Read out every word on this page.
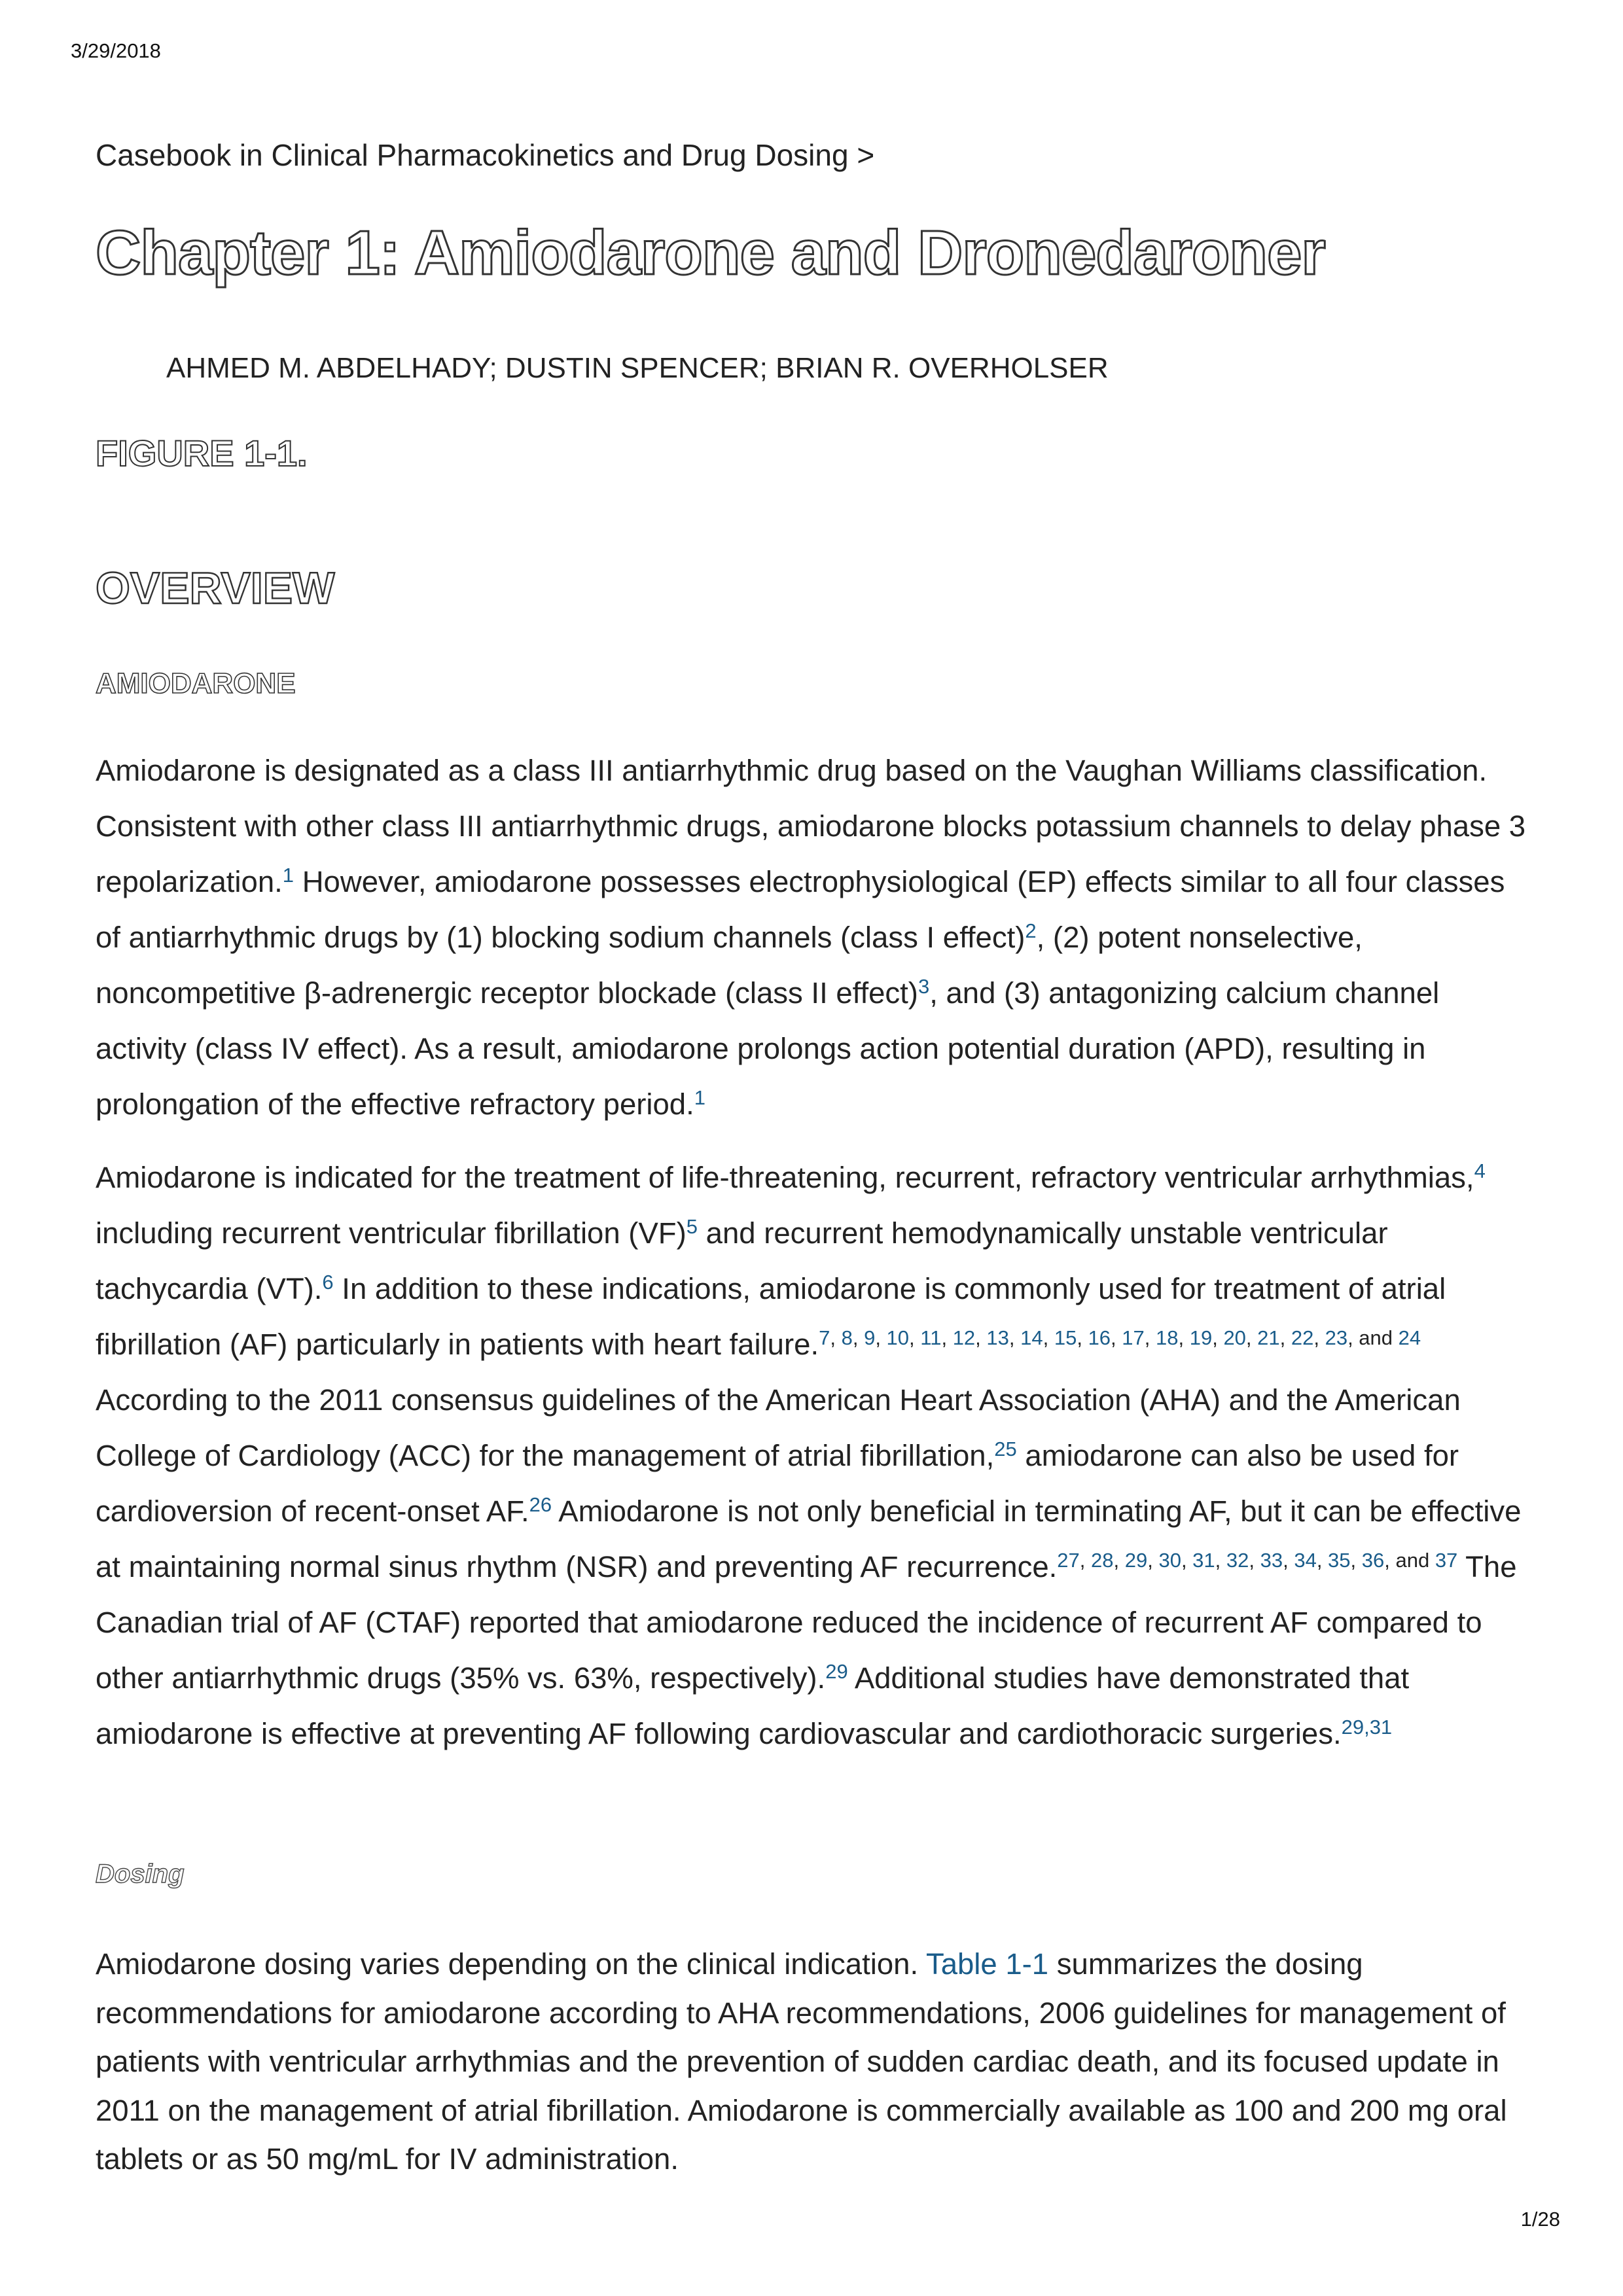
3/29/2018
Casebook in Clinical Pharmacokinetics and Drug Dosing >
Chapter 1: Amiodarone and Dronedaroner
AHMED M. ABDELHADY; DUSTIN SPENCER; BRIAN R. OVERHOLSER
FIGURE 1-1.
OVERVIEW
AMIODARONE

Amiodarone is designated as a class III antiarrhythmic drug based on the Vaughan Williams classification. Consistent with other class III antiarrhythmic drugs, amiodarone blocks potassium channels to delay phase 3 repolarization.$^1$ However, amiodarone possesses electrophysiological (EP) effects similar to all four classes of antiarrhythmic drugs by (1) blocking sodium channels (class I effect)$^2$, (2) potent nonselective, noncompetitive β-adrenergic receptor blockade (class II effect)$^3$, and (3) antagonizing calcium channel activity (class IV effect). As a result, amiodarone prolongs action potential duration (APD), resulting in prolongation of the effective refractory period.$^1$

Amiodarone is indicated for the treatment of life-threatening, recurrent, refractory ventricular arrhythmias,$^4$ including recurrent ventricular fibrillation (VF)$^5$ and recurrent hemodynamically unstable ventricular tachycardia (VT).$^6$ In addition to these indications, amiodarone is commonly used for treatment of atrial fibrillation (AF) particularly in patients with heart failure.$^{7, 8, 9, 10, 11, 12, 13, 14, 15, 16, 17, 18, 19, 20, 21, 22, 23, and 24}$ According to the 2011 consensus guidelines of the American Heart Association (AHA) and the American College of Cardiology (ACC) for the management of atrial fibrillation,$^{25}$ amiodarone can also be used for cardioversion of recent-onset AF.$^{26}$ Amiodarone is not only beneficial in terminating AF, but it can be effective at maintaining normal sinus rhythm (NSR) and preventing AF recurrence.$^{27, 28, 29, 30, 31, 32, 33, 34, 35, 36, and 37}$ The Canadian trial of AF (CTAF) reported that amiodarone reduced the incidence of recurrent AF compared to other antiarrhythmic drugs (35% vs. 63%, respectively).$^{29}$ Additional studies have demonstrated that amiodarone is effective at preventing AF following cardiovascular and cardiothoracic surgeries.$^{29,31}$

Dosing

Amiodarone dosing varies depending on the clinical indication. Table 1-1 summarizes the dosing recommendations for amiodarone according to AHA recommendations, 2006 guidelines for management of patients with ventricular arrhythmias and the prevention of sudden cardiac death, and its focused update in 2011 on the management of atrial fibrillation. Amiodarone is commercially available as 100 and 200 mg oral tablets or as 50 mg/mL for IV administration.

1/28
